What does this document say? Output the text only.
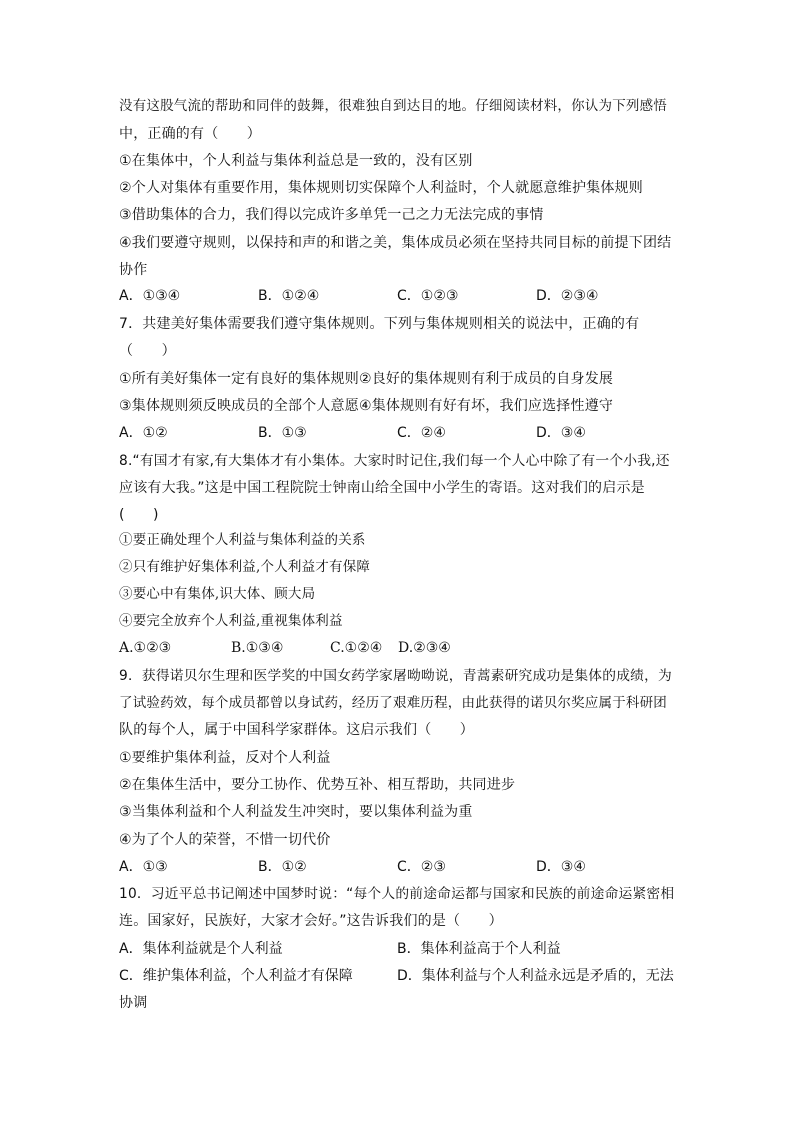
没有这股气流的帮助和同伴的鼓舞，很难独自到达目的地。仔细阅读材料，你认为下列感悟
中，正确的有（　　）
①在集体中，个人利益与集体利益总是一致的，没有区别
②个人对集体有重要作用，集体规则切实保障个人利益时，个人就愿意维护集体规则
③借助集体的合力，我们得以完成许多单凭一己之力无法完成的事情
④我们要遵守规则，以保持和声的和谐之美，集体成员必须在坚持共同目标的前提下团结
协作
A．①③④	B．①②④	C．①②③	D．②③④
7．共建美好集体需要我们遵守集体规则。下列与集体规则相关的说法中，正确的有
（　　）
①所有美好集体一定有良好的集体规则②良好的集体规则有利于成员的自身发展
③集体规则须反映成员的全部个人意愿④集体规则有好有坏，我们应选择性遵守
A．①②	B．①③	C．②④	D．③④
8.“有国才有家,有大集体才有小集体。大家时时记住,我们每一个人心中除了有一个小我,还
应该有大我。”这是中国工程院院士钟南山给全国中小学生的寄语。这对我们的启示是
(　　)
①要正确处理个人利益与集体利益的关系
②只有维护好集体利益,个人利益才有保障
③要心中有集体,识大体、顾大局
④要完全放弃个人利益,重视集体利益
A.①②③	B.①③④	C.①②④ D.②③④
9．获得诺贝尔生理和医学奖的中国女药学家屠呦呦说，青蒿素研究成功是集体的成绩，为
了试验药效，每个成员都曾以身试药，经历了艰难历程，由此获得的诺贝尔奖应属于科研团
队的每个人，属于中国科学家群体。这启示我们（　　）
①要维护集体利益，反对个人利益
②在集体生活中，要分工协作、优势互补、相互帮助，共同进步
③当集体利益和个人利益发生冲突时，要以集体利益为重
④为了个人的荣誉，不惜一切代价
A．①③	B．①②	C．②③	D．③④
10．习近平总书记阐述中国梦时说：“每个人的前途命运都与国家和民族的前途命运紧密相
连。国家好，民族好，大家才会好。”这告诉我们的是（　　）
A．集体利益就是个人利益	B．集体利益高于个人利益
C．维护集体利益，个人利益才有保障	D．集体利益与个人利益永远是矛盾的，无法
协调
